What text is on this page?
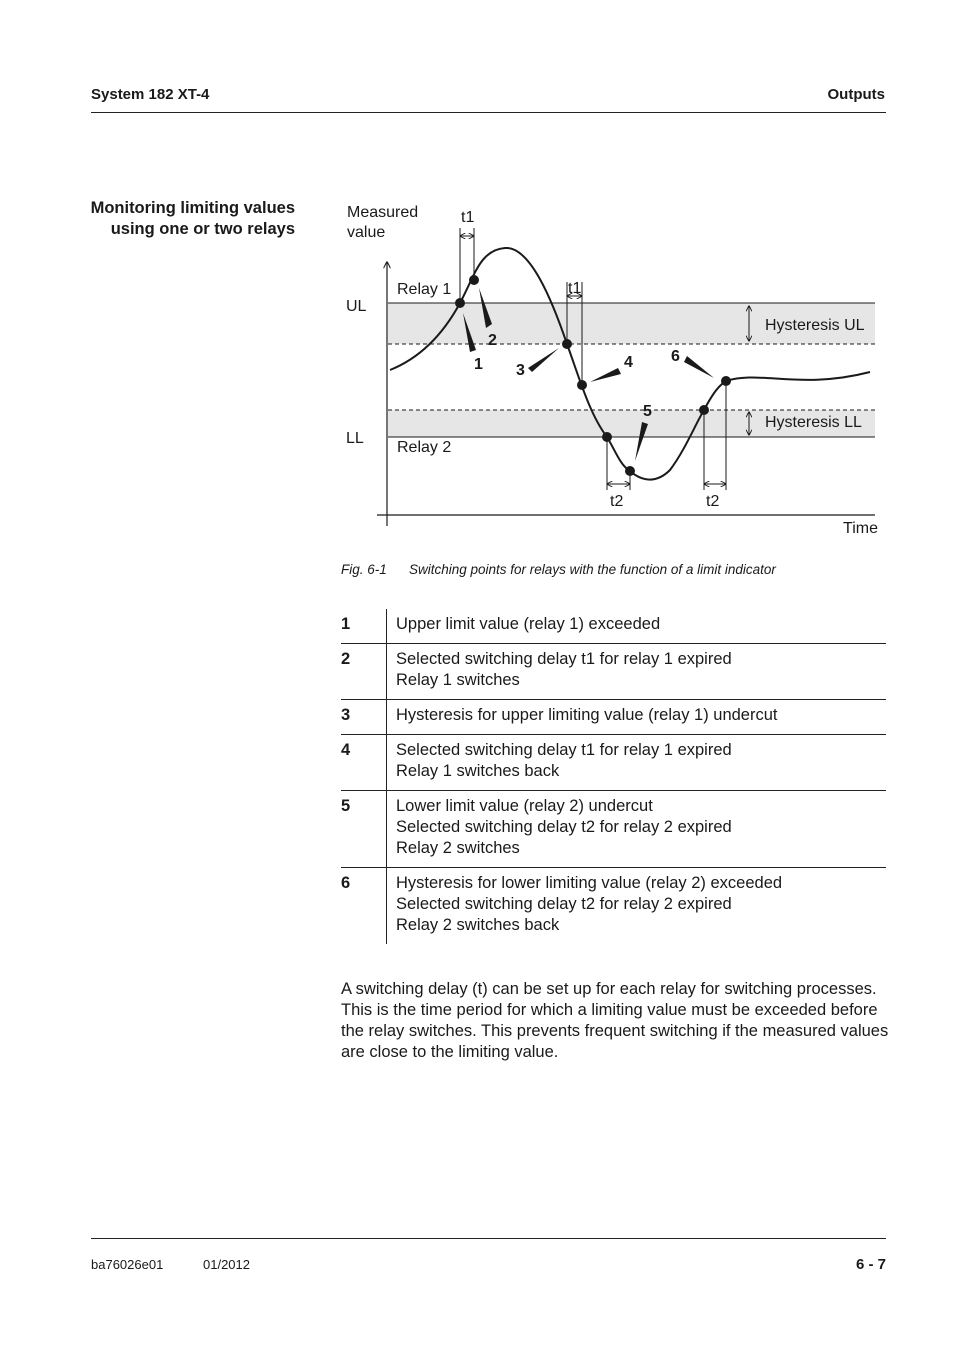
System 182 XT-4	Outputs
Monitoring limiting values using one or two relays
Measured
value
Time
UL
LL
Relay 1
Relay 2
Hysteresis UL
Hysteresis LL
t1
t1
t2	t2
1
2
3	4
5
6
Fig. 6-1 Switching points for relays with the function of a limit indicator
1	Upper limit value (relay 1) exceeded

2	Selected switching delay t1 for relay 1 expired
Relay 1 switches

3	Hysteresis for upper limiting value (relay 1) undercut

4	Selected switching delay t1 for relay 1 expired
Relay 1 switches back

5	Lower limit value (relay 2) undercut
Selected switching delay t2 for relay 2 expired
Relay 2 switches

6	Hysteresis for lower limiting value (relay 2) exceeded
Selected switching delay t2 for relay 2 expired
Relay 2 switches back
A switching delay (t) can be set up for each relay for switching processes. This is the time period for which a limiting value must be exceeded before the relay switches. This prevents frequent switching if the measured values are close to the limiting value.
ba76026e01	01/2012	6 - 7
